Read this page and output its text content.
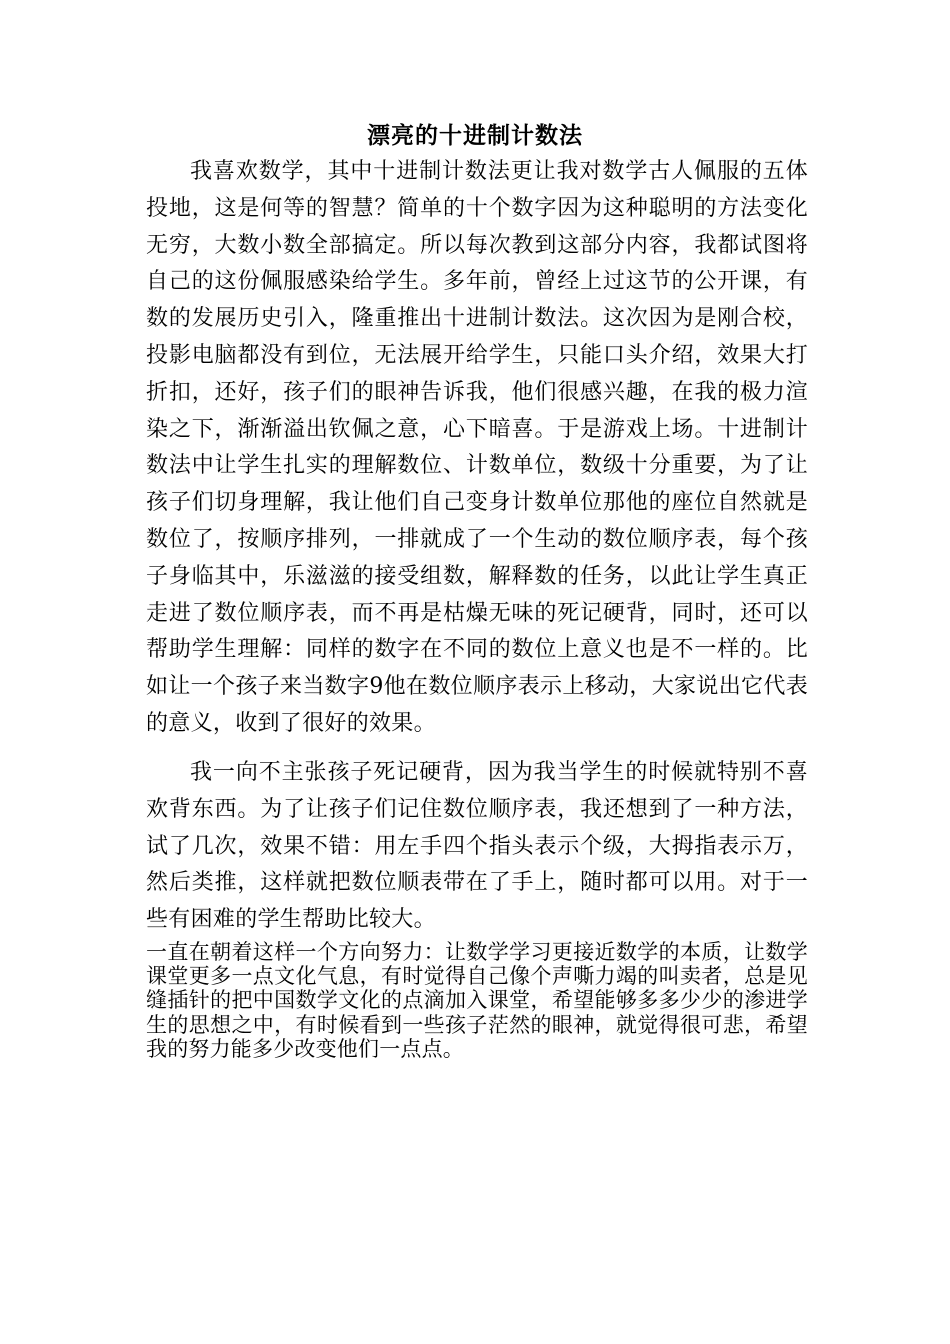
漂亮的十进制计数法

我喜欢数学，其中十进制计数法更让我对数学古人佩服的五体投地，这是何等的智慧？简单的十个数字因为这种聪明的方法变化无穷，大数小数全部搞定。所以每次教到这部分内容，我都试图将自己的这份佩服感染给学生。多年前，曾经上过这节的公开课，有数的发展历史引入，隆重推出十进制计数法。这次因为是刚合校，投影电脑都没有到位，无法展开给学生，只能口头介绍，效果大打折扣，还好，孩子们的眼神告诉我，他们很感兴趣，在我的极力渲染之下，渐渐溢出钦佩之意，心下暗喜。于是游戏上场。十进制计数法中让学生扎实的理解数位、计数单位，数级十分重要，为了让孩子们切身理解，我让他们自己变身计数单位那他的座位自然就是数位了，按顺序排列，一排就成了一个生动的数位顺序表，每个孩子身临其中，乐滋滋的接受组数，解释数的任务，以此让学生真正走进了数位顺序表，而不再是枯燥无味的死记硬背，同时，还可以帮助学生理解：同样的数字在不同的数位上意义也是不一样的。比如让一个孩子来当数字9他在数位顺序表示上移动，大家说出它代表的意义，收到了很好的效果。

我一向不主张孩子死记硬背，因为我当学生的时候就特别不喜欢背东西。为了让孩子们记住数位顺序表，我还想到了一种方法，试了几次，效果不错：用左手四个指头表示个级，大拇指表示万，然后类推，这样就把数位顺表带在了手上，随时都可以用。对于一些有困难的学生帮助比较大。

一直在朝着这样一个方向努力：让数学学习更接近数学的本质，让数学课堂更多一点文化气息，有时觉得自己像个声嘶力竭的叫卖者，总是见缝插针的把中国数学文化的点滴加入课堂，希望能够多多少少的渗进学生的思想之中，有时候看到一些孩子茫然的眼神，就觉得很可悲，希望我的努力能多少改变他们一点点。
